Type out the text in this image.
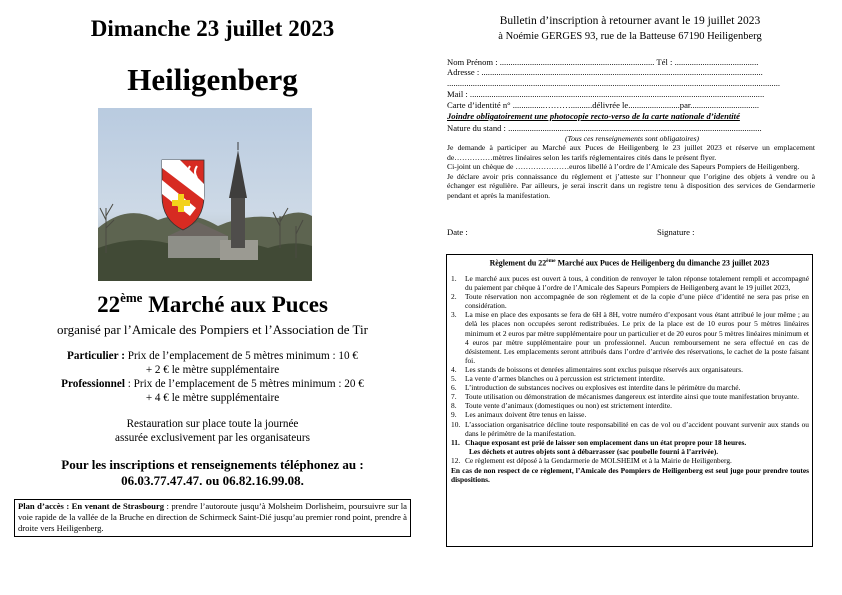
Dimanche 23 juillet 2023
Heiligenberg
22ème Marché aux Puces
organisé par l’Amicale des Pompiers et l’Association de Tir
Particulier : Prix de l’emplacement de 5 mètres minimum : 10 €
+ 2 € le mètre supplémentaire
Professionnel : Prix de l’emplacement de 5 mètres minimum : 20 €
+ 4 € le mètre supplémentaire
Restauration sur place toute la journée
assurée exclusivement par les organisateurs
Pour les inscriptions et renseignements téléphonez au :
06.03.77.47.47. ou 06.82.16.99.08.
Plan d’accès : En venant de Strasbourg : prendre l’autoroute jusqu’à Molsheim Dorlisheim, poursuivre sur la voie rapide de la vallée de la Bruche en direction de Schirmeck Saint-Dié jusqu’au premier rond point, prendre à droite vers Heiligenberg.
Bulletin d’inscription à retourner avant le 19 juillet 2023
à Noémie GERGES 93, rue de la Batteuse 67190 Heiligenberg
Nom Prénom : ........................................................................ Tél : .......................................
Adresse : ...................................................................................................................................
...........................................................................................................................................................
Mail : .........................................................................................................................................
Carte d’identité n° ...............………..........délivrée le........................par................................
Joindre obligatoirement une photocopie recto-verso de la carte nationale d’identité
Nature du stand : ......................................................................................................................
(Tous ces renseignements sont obligatoires)

Je demande à participer au Marché aux Puces de Heiligenberg le 23 juillet 2023 et réserve un emplacement de……………mètres linéaires selon les tarifs réglementaires cités dans le présent flyer.

Ci-joint un chèque de …………………euros libellé à l’ordre de l’Amicale des Sapeurs Pompiers de Heiligenberg.

Je déclare avoir pris connaissance du règlement et j’atteste sur l’honneur que l’origine des objets à vendre ou à échanger est régulière. Par ailleurs, je serai inscrit dans un registre tenu à disposition des services de Gendarmerie pendant et après la manifestation.

Date :	Signature :
Règlement du 22ème Marché aux Puces de Heiligenberg du dimanche 23 juillet 2023
1.	Le marché aux puces est ouvert à tous, à condition de renvoyer le talon réponse totalement rempli et accompagné du paiement par chèque à l’ordre de l’Amicale des Sapeurs Pompiers de Heiligenberg avant le 19 juillet 2023,
2.	Toute réservation non accompagnée de son règlement et de la copie d’une pièce d’identité ne sera pas prise en considération.
3.	La mise en place des exposants se fera de 6H à 8H, votre numéro d’exposant vous étant attribué le jour même ; au delà les places non occupées seront redistribuées. Le prix de la place est de 10 euros pour 5 mètres linéaires minimum et 2 euros par mètre supplémentaire pour un particulier et de 20 euros pour 5 mètres linéaires minimum et 4 euros par mètre supplémentaire pour un professionnel. Aucun remboursement ne sera effectué en cas de désistement. Les emplacements seront attribués dans l’ordre d’arrivée des réservations, le cachet de la poste faisant foi.
4.	Les stands de boissons et denrées alimentaires sont exclus puisque réservés aux organisateurs.
5.	La vente d’armes blanches ou à percussion est strictement interdite.
6.	L’introduction de substances nocives ou explosives est interdite dans le périmètre du marché.
7.	Toute utilisation ou démonstration de mécanismes dangereux est interdite ainsi que toute manifestation bruyante.
8.	Toute vente d’animaux (domestiques ou non) est strictement interdite.
9.	Les animaux doivent être tenus en laisse.
10. L’association organisatrice décline toute responsabilité en cas de vol ou d’accident pouvant survenir aux stands ou dans le périmètre de la manifestation.
11. Chaque exposant est prié de laisser son emplacement dans un état propre pour 18 heures.
Les déchets et autres objets sont à débarrasser (sac poubelle fourni à l’arrivée).
12. Ce règlement est déposé à la Gendarmerie de MOLSHEIM et à la Mairie de Heiligenberg.
En cas de non respect de ce règlement, l’Amicale des Pompiers de Heiligenberg est seul juge pour prendre toutes dispositions.
